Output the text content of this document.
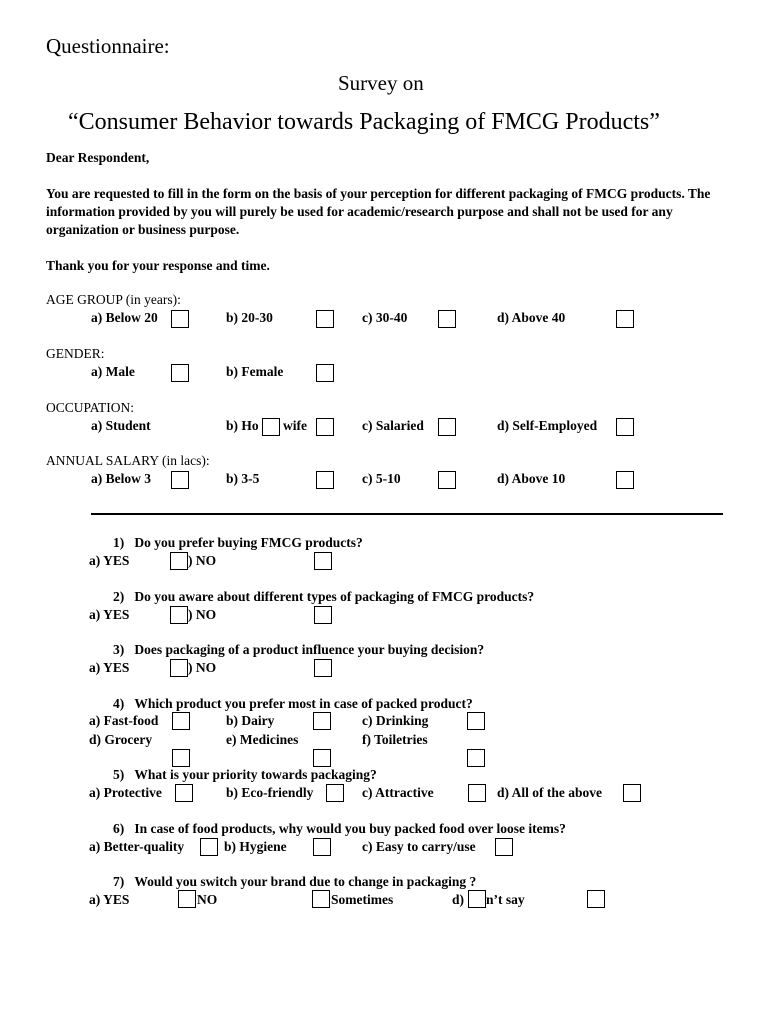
Questionnaire:
Survey on
“Consumer Behavior towards Packaging of FMCG Products”
Dear Respondent,
You are requested to fill in the form on the basis of your perception for different packaging of FMCG products. The information provided by you will purely be used for academic/research purpose and shall not be used for any organization or business purpose.
Thank you for your response and time.
AGE GROUP (in years):
a) Below 20	b) 20-30	c) 30-40	d) Above 40
GENDER:
a) Male	b) Female
OCCUPATION:
a) Student	b) Ho wife	c) Salaried	d) Self-Employed
ANNUAL SALARY (in lacs):
a) Below 3	b) 3-5	c) 5-10	d) Above 10
1)   Do you prefer buying FMCG products?
a) YES	) NO
2)   Do you aware about different types of packaging of FMCG products?
a) YES	) NO
3)   Does packaging of a product influence your buying decision?
a) YES	) NO
4)   Which product you prefer most in case of packed product?
a) Fast-food	b) Dairy	c) Drinking
d) Grocery	e) Medicines	f) Toiletries
5)   What is your priority towards packaging?
a) Protective	b) Eco-friendly	c) Attractive	d) All of the above
6)   In case of food products, why would you buy packed food over loose items?
a) Better-quality	b) Hygiene	c) Easy to carry/use
7)   Would you switch your brand due to change in packaging ?
a) YES	NO	Sometimes	d) n’t say
